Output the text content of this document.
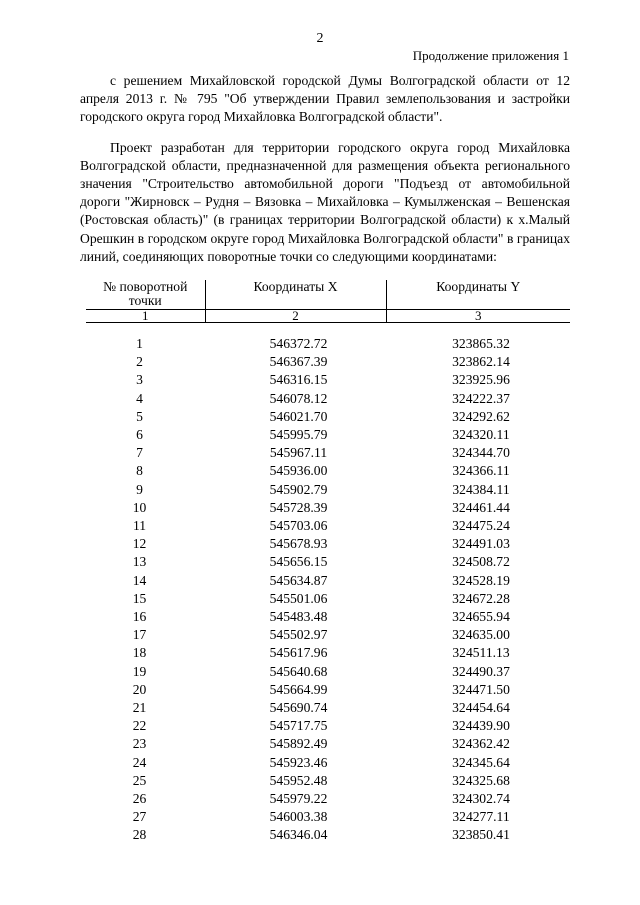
2
Продолжение приложения 1

с решением Михайловской городской Думы Волгоградской области от 12 апреля 2013 г. № 795 "Об утверждении Правил землепользования и застройки городского округа город Михайловка Волгоградской области".

Проект разработан для территории городского округа город Михайловка Волгоградской области, предназначенной для размещения объекта регионального значения "Строительство автомобильной дороги "Подъезд от автомобильной дороги "Жирновск – Рудня – Вязовка – Михайловка – Кумылженская – Вешенская (Ростовская область)" (в границах территории Волгоградской области) к х.Малый Орешкин в городском округе город Михайловка Волгоградской области" в границах линий, соединяющих поворотные точки со следующими координатами:

№ поворотной точки	Координаты X	Координаты Y
1	2	3

1	546372.72	323865.32
2	546367.39	323862.14
3	546316.15	323925.96
4	546078.12	324222.37
5	546021.70	324292.62
6	545995.79	324320.11
7	545967.11	324344.70
8	545936.00	324366.11
9	545902.79	324384.11
10	545728.39	324461.44
11	545703.06	324475.24
12	545678.93	324491.03
13	545656.15	324508.72
14	545634.87	324528.19
15	545501.06	324672.28
16	545483.48	324655.94
17	545502.97	324635.00
18	545617.96	324511.13
19	545640.68	324490.37
20	545664.99	324471.50
21	545690.74	324454.64
22	545717.75	324439.90
23	545892.49	324362.42
24	545923.46	324345.64
25	545952.48	324325.68
26	545979.22	324302.74
27	546003.38	324277.11
28	546346.04	323850.41
